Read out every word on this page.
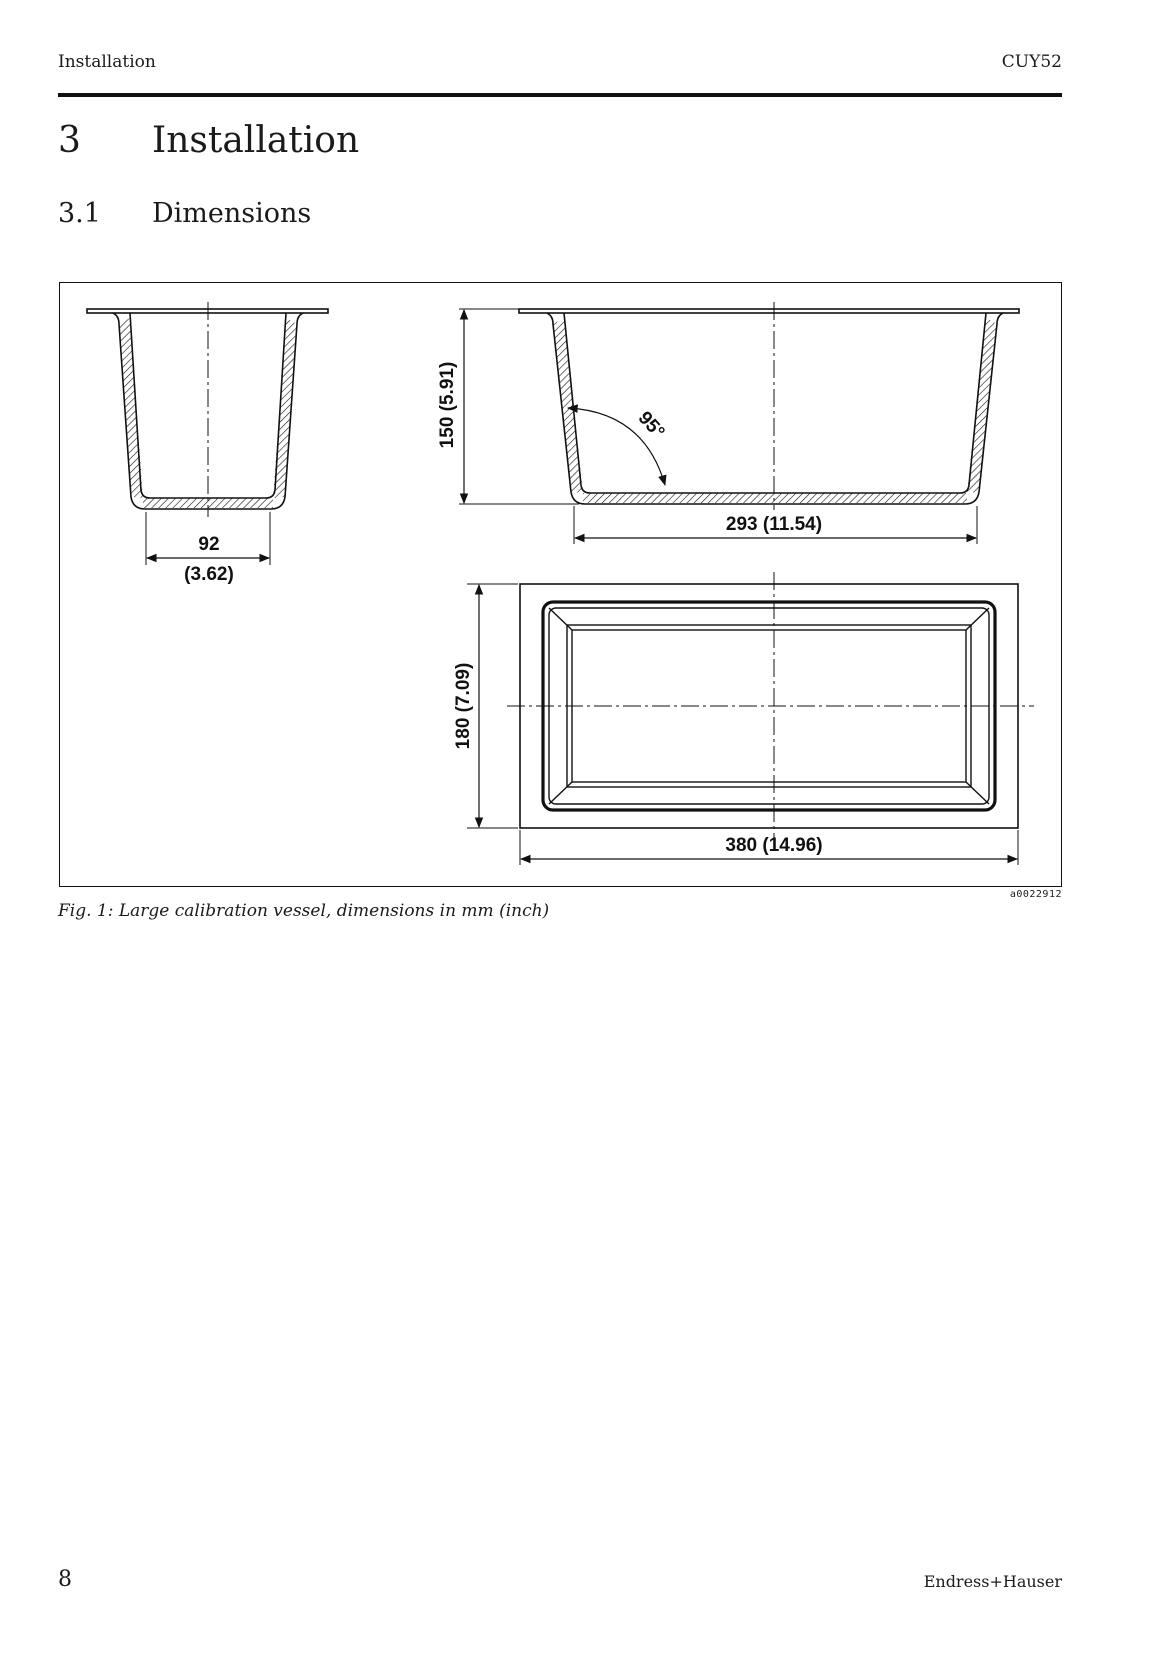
Installation	CUY52
3 Installation
3.1 Dimensions
92
(3.62)
150 (5.91)	95°
293 (11.54)
180 (7.09)
380 (14.96)
a0022912
Fig. 1: Large calibration vessel, dimensions in mm (inch)
8	Endress+Hauser
